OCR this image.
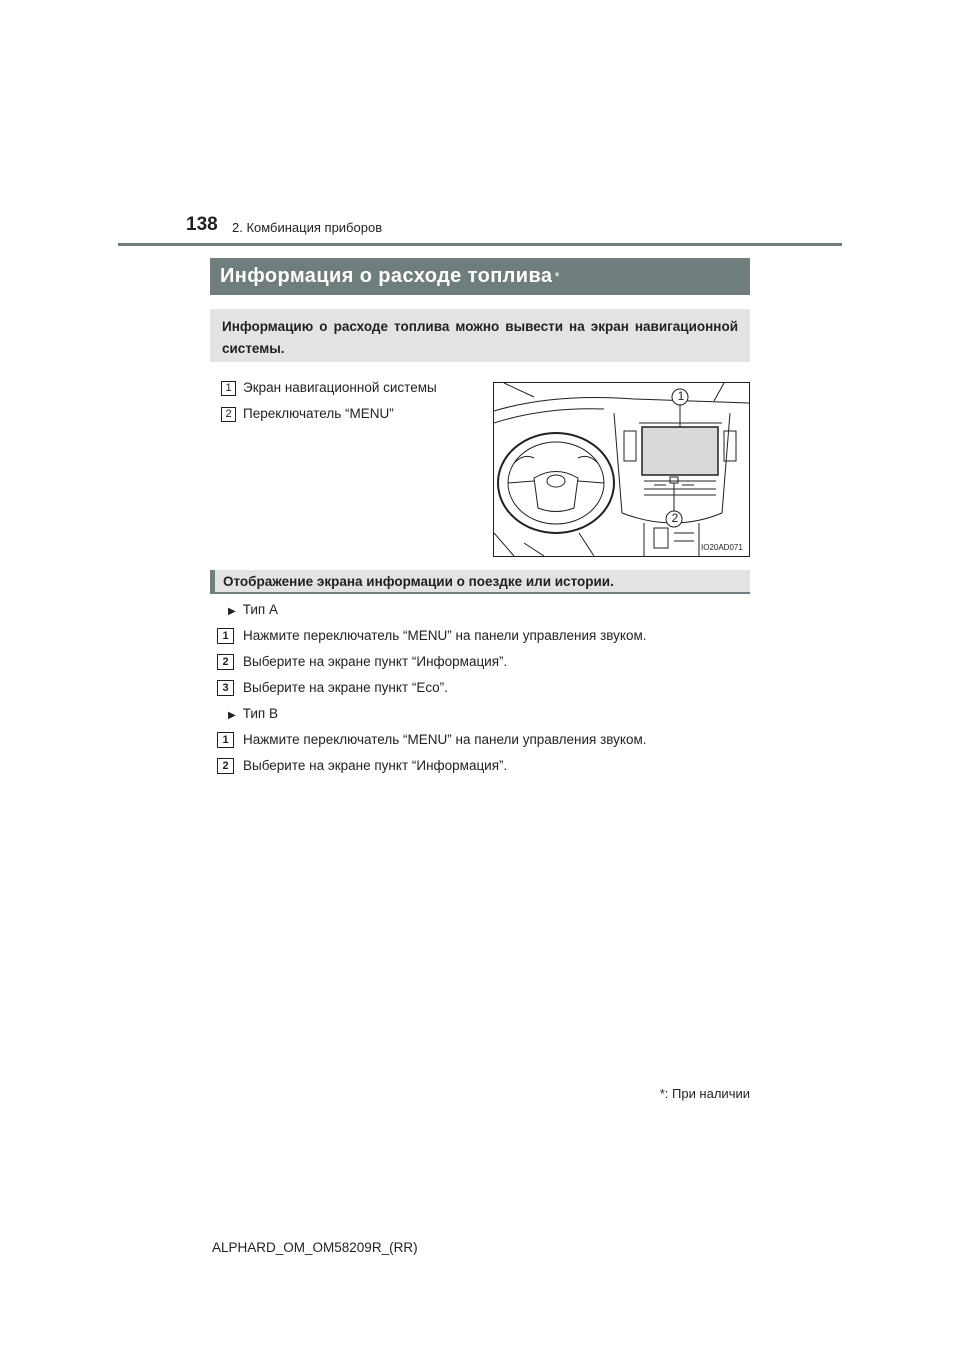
138 2. Комбинация приборов
Информация о расходе топлива *
Информацию о расходе топлива можно вывести на экран навигационной системы.
1 Экран навигационной системы
2 Переключатель “MENU”
1
2
IO20AD071
Отображение экрана информации о поездке или истории.
▶ Тип A
1	Нажмите переключатель “MENU” на панели управления звуком.
2	Выберите на экране пункт “Информация”.
3	Выберите на экране пункт “Eco”.
▶ Тип B
1	Нажмите переключатель “MENU” на панели управления звуком.
2	Выберите на экране пункт “Информация”.
*: При наличии
ALPHARD_OM_OM58209R_(RR)
